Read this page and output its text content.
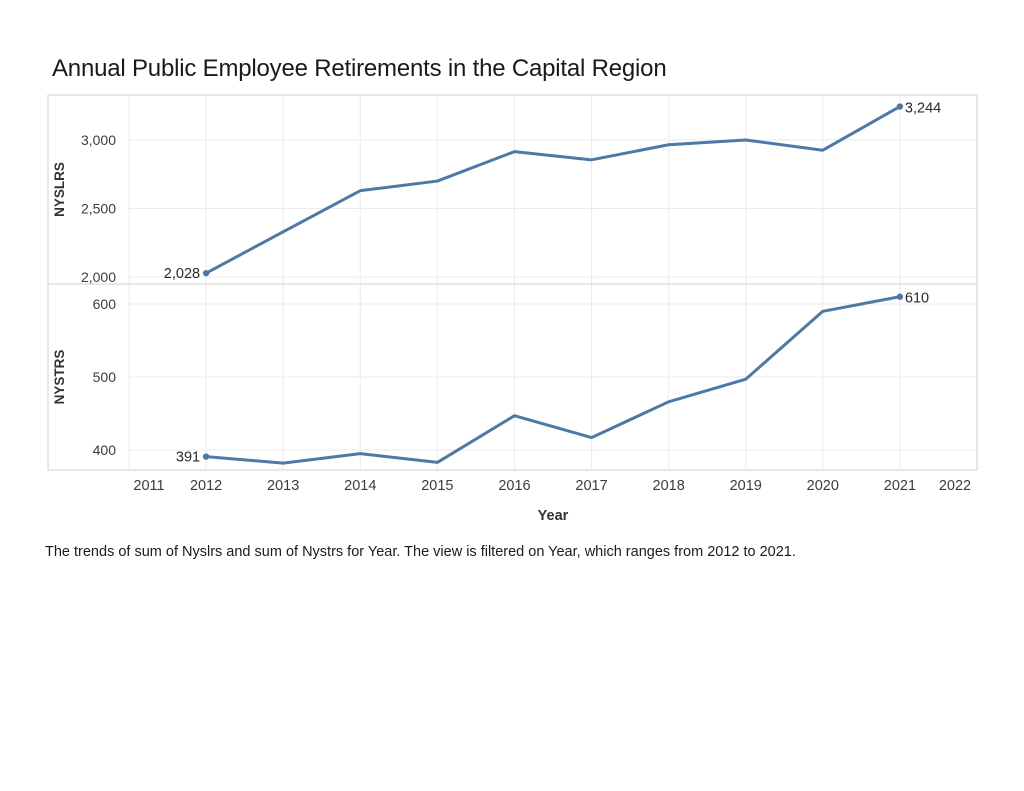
Annual Public Employee Retirements in the Capital Region
2,000
2,500
3,000
NYSLRS
2,028
3,244
400
500
600
NYSTRS
391
610
2011 2012	2013	2014	2015	2016	2017	2018	2019	2020	2021 2022
Year
The trends of sum of Nyslrs and sum of Nystrs for Year. The view is filtered on Year, which ranges from 2012 to 2021.
